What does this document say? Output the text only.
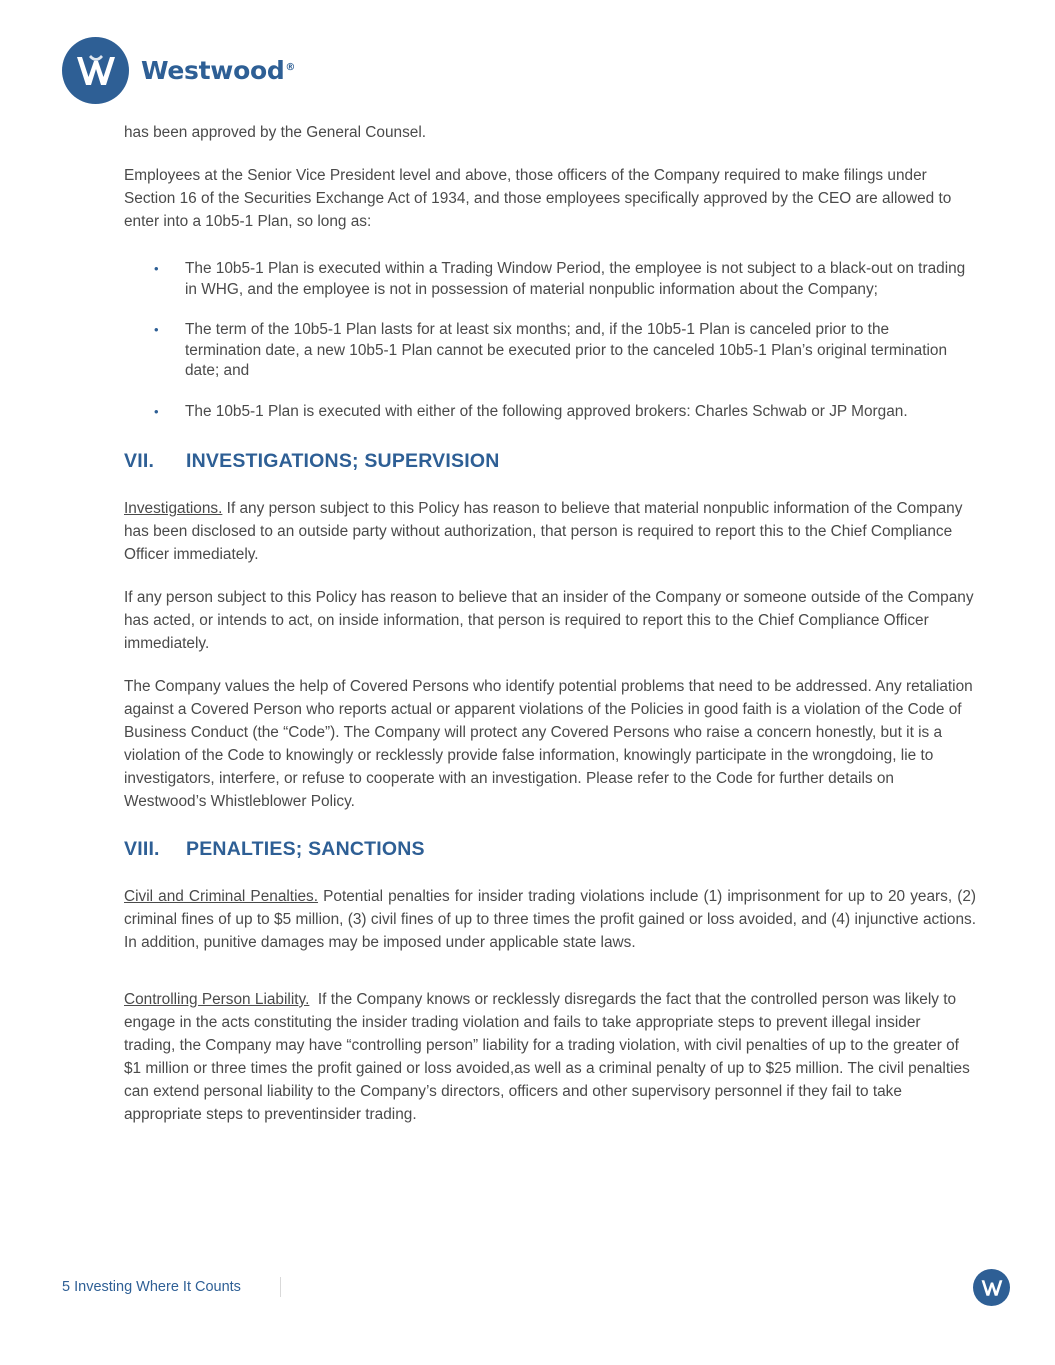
Westwood®

has been approved by the General Counsel.

Employees at the Senior Vice President level and above, those officers of the Company required to make filings under Section 16 of the Securities Exchange Act of 1934, and those employees specifically approved by the CEO are allowed to enter into a 10b5-1 Plan, so long as:

• The 10b5-1 Plan is executed within a Trading Window Period, the employee is not subject to a black-out on trading in WHG, and the employee is not in possession of material nonpublic information about the Company;
• The term of the 10b5-1 Plan lasts for at least six months; and, if the 10b5-1 Plan is canceled prior to the termination date, a new 10b5-1 Plan cannot be executed prior to the canceled 10b5-1 Plan’s original termination date; and
• The 10b5-1 Plan is executed with either of the following approved brokers: Charles Schwab or JP Morgan.
VII.	INVESTIGATIONS; SUPERVISION

Investigations. If any person subject to this Policy has reason to believe that material nonpublic information of the Company has been disclosed to an outside party without authorization, that person is required to report this to the Chief Compliance Officer immediately.

If any person subject to this Policy has reason to believe that an insider of the Company or someone outside of the Company has acted, or intends to act, on inside information, that person is required to report this to the Chief Compliance Officer immediately.

The Company values the help of Covered Persons who identify potential problems that need to be addressed. Any retaliation against a Covered Person who reports actual or apparent violations of the Policies in good faith is a violation of the Code of Business Conduct (the “Code”). The Company will protect any Covered Persons who raise a concern honestly, but it is a violation of the Code to knowingly or recklessly provide false information, knowingly participate in the wrongdoing, lie to investigators, interfere, or refuse to cooperate with an investigation. Please refer to the Code for further details on Westwood’s Whistleblower Policy.

VIII.	PENALTIES; SANCTIONS

Civil and Criminal Penalties. Potential penalties for insider trading violations include (1) imprisonment for up to 20 years, (2) criminal fines of up to $5 million, (3) civil fines of up to three times the profit gained or loss avoided, and (4) injunctive actions. In addition, punitive damages may be imposed under applicable state laws.

Controlling Person Liability.  If the Company knows or recklessly disregards the fact that the controlled person was likely to engage in the acts constituting the insider trading violation and fails to take appropriate steps to prevent illegal insider trading, the Company may have “controlling person” liability for a trading violation, with civil penalties of up to the greater of $1 million or three times the profit gained or loss avoided,as well as a criminal penalty of up to $25 million. The civil penalties can extend personal liability to the Company’s directors, officers and other supervisory personnel if they fail to take appropriate steps to preventinsider trading.

5 Investing Where It Counts
